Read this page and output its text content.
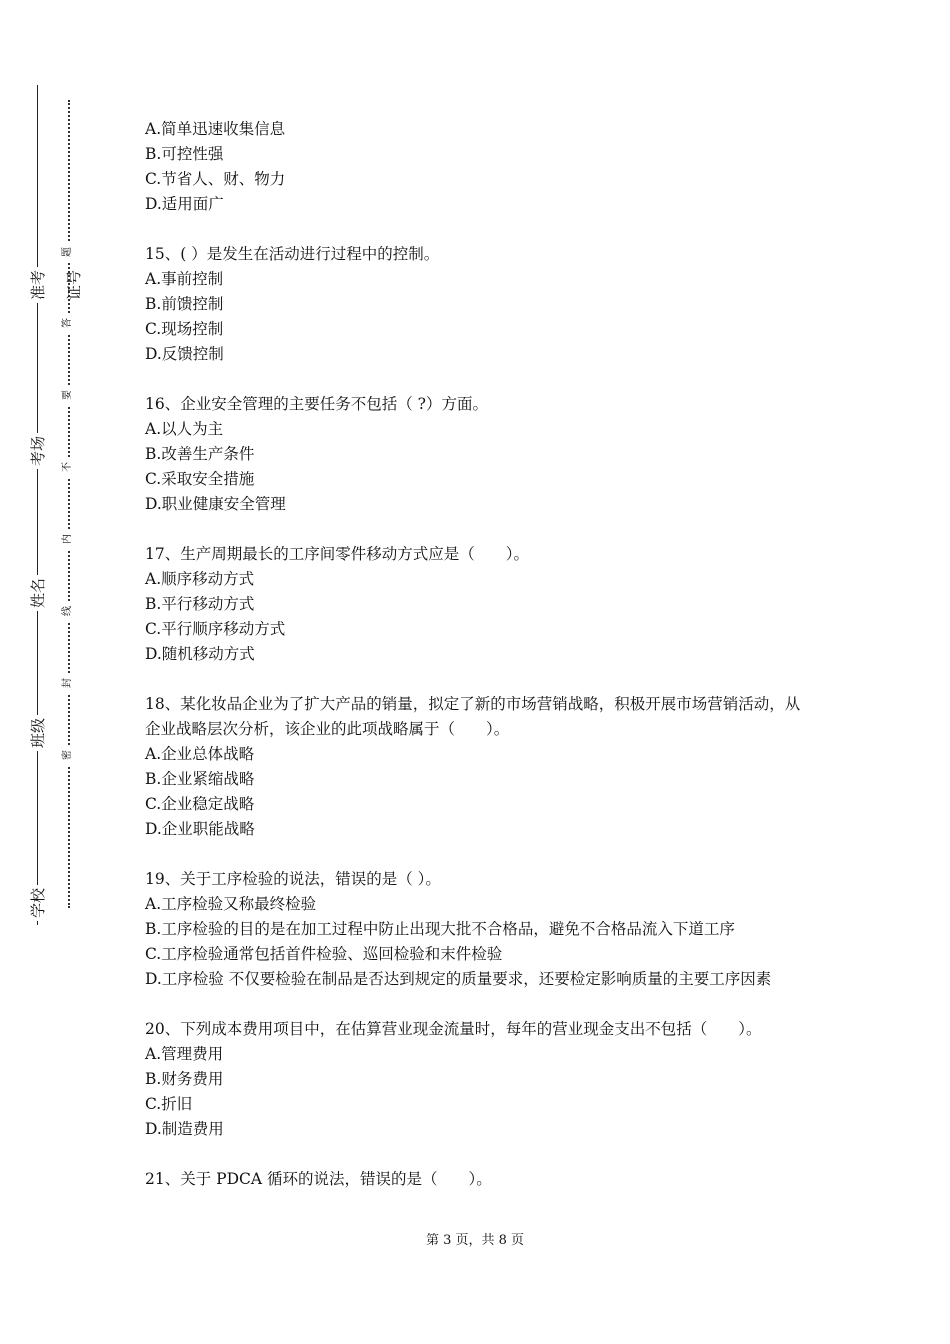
准考证号
考场
姓名
班级
学校
题
答
要
不
内
线
封
密

A.简单迅速收集信息

B.可控性强

C.节省人、财、物力

D.适用面广

15、( ）是发生在活动进行过程中的控制。

A.事前控制

B.前馈控制

C.现场控制

D.反馈控制

16、企业安全管理的主要任务不包括（ ?）方面。

A.以人为主

B.改善生产条件

C.采取安全措施

D.职业健康安全管理

17、生产周期最长的工序间零件移动方式应是（　　）。

A.顺序移动方式

B.平行移动方式

C.平行顺序移动方式

D.随机移动方式

18、某化妆品企业为了扩大产品的销量，拟定了新的市场营销战略，积极开展市场营销活动，从企业战略层次分析，该企业的此项战略属于（　　）。

A.企业总体战略

B.企业紧缩战略

C.企业稳定战略

D.企业职能战略

19、关于工序检验的说法，错误的是（ ）。

A.工序检验又称最终检验

B.工序检验的目的是在加工过程中防止出现大批不合格品，避免不合格品流入下道工序

C.工序检验通常包括首件检验、巡回检验和末件检验

D.工序检验 不仅要检验在制品是否达到规定的质量要求，还要检定影响质量的主要工序因素

20、下列成本费用项目中，在估算营业现金流量时，每年的营业现金支出不包括（　　）。

A.管理费用

B.财务费用

C.折旧

D.制造费用

21、关于 PDCA 循环的说法，错误的是（　　）。

第 3 页，共 8 页
